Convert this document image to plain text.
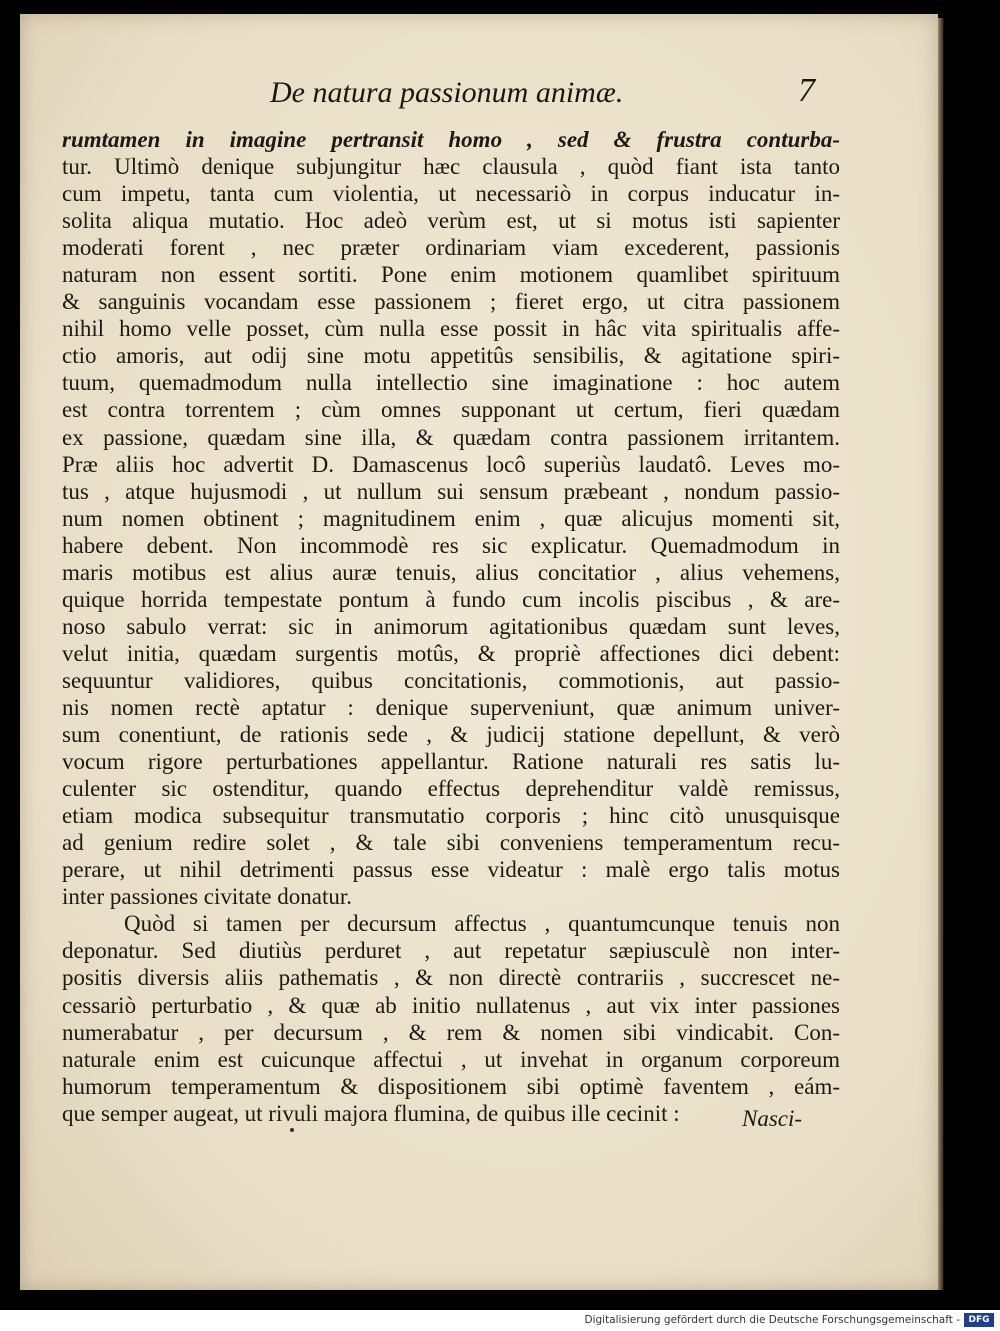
De natura passionum animæ.	7
rumtamen in imagine pertransit homo , sed & frustra conturba-
tur. Ultimò denique subjungitur hæc clausula , quòd fiant ista tanto
cum impetu, tanta cum violentia, ut necessariò in corpus inducatur in-
solita aliqua mutatio. Hoc adeò verùm est, ut si motus isti sapienter
moderati forent , nec præter ordinariam viam excederent, passionis
naturam non essent sortiti. Pone enim motionem quamlibet spirituum
& sanguinis vocandam esse passionem ; fieret ergo, ut citra passionem
nihil homo velle posset, cùm nulla esse possit in hâc vita spiritualis affe-
ctio amoris, aut odij sine motu appetitûs sensibilis, & agitatione spiri-
tuum, quemadmodum nulla intellectio sine imaginatione : hoc autem
est contra torrentem ; cùm omnes supponant ut certum, fieri quædam
ex passione, quædam sine illa, & quædam contra passionem irritantem.
Præ aliis hoc advertit D. Damascenus locô superiùs laudatô. Leves mo-
tus , atque hujusmodi , ut nullum sui sensum præbeant , nondum passio-
num nomen obtinent ; magnitudinem enim , quæ alicujus momenti sit,
habere debent. Non incommodè res sic explicatur. Quemadmodum in
maris motibus est alius auræ tenuis, alius concitatior , alius vehemens,
quique horrida tempestate pontum à fundo cum incolis piscibus , & are-
noso sabulo verrat: sic in animorum agitationibus quædam sunt leves,
velut initia, quædam surgentis motûs, & propriè affectiones dici debent:
sequuntur validiores, quibus concitationis, commotionis, aut passio-
nis nomen rectè aptatur : denique superveniunt, quæ animum univer-
sum conentiunt, de rationis sede , & judicij statione depellunt, & verò
vocum rigore perturbationes appellantur. Ratione naturali res satis lu-
culenter sic ostenditur, quando effectus deprehenditur valdè remissus,
etiam modica subsequitur transmutatio corporis ; hinc citò unusquisque
ad genium redire solet , & tale sibi conveniens temperamentum recu-
perare, ut nihil detrimenti passus esse videatur : malè ergo talis motus
inter passiones civitate donatur.
Quòd si tamen per decursum affectus , quantumcunque tenuis non
deponatur. Sed diutiùs perduret , aut repetatur sæpiusculè non inter-
positis diversis aliis pathematis , & non directè contrariis , succrescet ne-
cessariò perturbatio , & quæ ab initio nullatenus , aut vix inter passiones
numerabatur , per decursum , & rem & nomen sibi vindicabit. Con-
naturale enim est cuicunque affectui , ut invehat in organum corporeum
humorum temperamentum & dispositionem sibi optimè faventem , eám-
que semper augeat, ut rivuli majora flumina, de quibus ille cecinit :	Nasci-
Digitalisierung gefördert durch die Deutsche Forschungsgemeinschaft - DFG
